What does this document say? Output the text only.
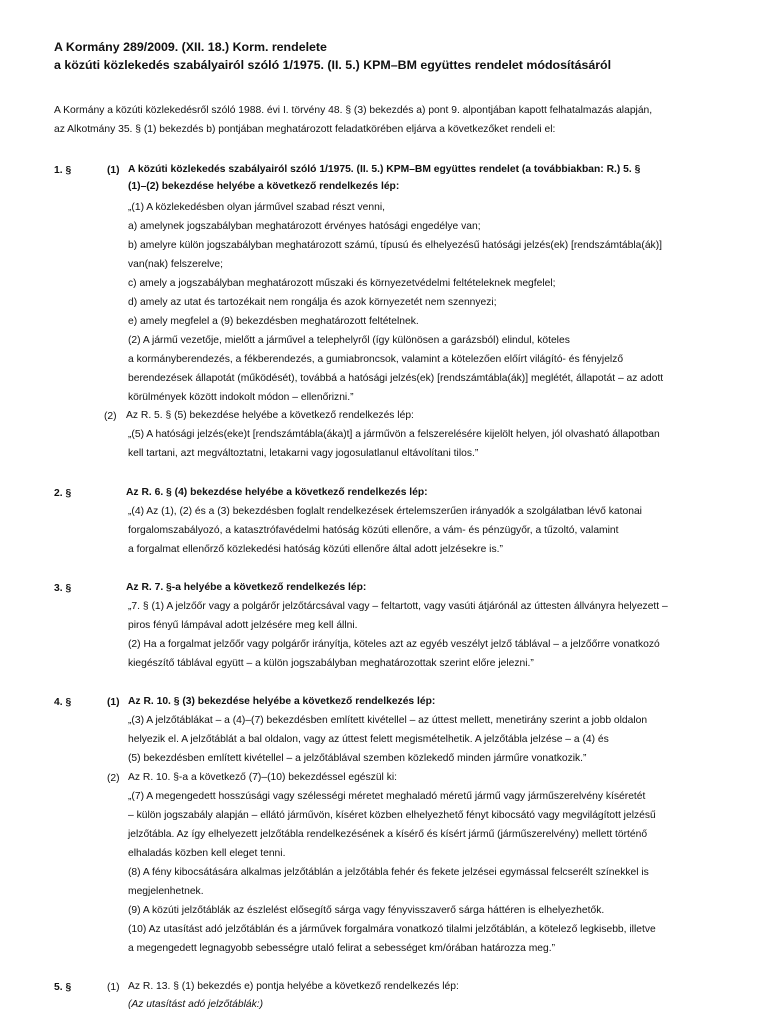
A Kormány 289/2009. (XII. 18.) Korm. rendelete
a közúti közlekedés szabályairól szóló 1/1975. (II. 5.) KPM–BM együttes rendelet módosításáról
A Kormány a közúti közlekedésről szóló 1988. évi I. törvény 48. § (3) bekezdés a) pont 9. alpontjában kapott felhatalmazás alapján,
az Alkotmány 35. § (1) bekezdés b) pontjában meghatározott feladatkörében eljárva a következőket rendeli el:
1. §	(1) A közúti közlekedés szabályairól szóló 1/1975. (II. 5.) KPM–BM együttes rendelet (a továbbiakban: R.) 5. §
(1)–(2) bekezdése helyébe a következő rendelkezés lép:
„(1) A közlekedésben olyan járművel szabad részt venni,
a) amelynek jogszabályban meghatározott érvényes hatósági engedélye van;
b) amelyre külön jogszabályban meghatározott számú, típusú és elhelyezésű hatósági jelzés(ek) [rendszámtábla(ák)]
van(nak) felszerelve;
c) amely a jogszabályban meghatározott műszaki és környezetvédelmi feltételeknek megfelel;
d) amely az utat és tartozékait nem rongálja és azok környezetét nem szennyezi;
e) amely megfelel a (9) bekezdésben meghatározott feltételnek.
(2) A jármű vezetője, mielőtt a járművel a telephelyről (így különösen a garázsból) elindul, köteles
a kormányberendezés, a fékberendezés, a gumiabroncsok, valamint a kötelezően előírt világító- és fényjelző
berendezések állapotát (működését), továbbá a hatósági jelzés(ek) [rendszámtábla(ák)] meglétét, állapotát – az adott
körülmények között indokolt módon – ellenőrizni.”
(2) Az R. 5. § (5) bekezdése helyébe a következő rendelkezés lép:
„(5) A hatósági jelzés(eke)t [rendszámtábla(áka)t] a járművön a felszerelésére kijelölt helyen, jól olvasható állapotban
kell tartani, azt megváltoztatni, letakarni vagy jogosulatlanul eltávolítani tilos.”
2. §	Az R. 6. § (4) bekezdése helyébe a következő rendelkezés lép:
„(4) Az (1), (2) és a (3) bekezdésben foglalt rendelkezések értelemszerűen irányadók a szolgálatban lévő katonai
forgalomszabályozó, a katasztrófavédelmi hatóság közúti ellenőre, a vám- és pénzügyőr, a tűzoltó, valamint
a forgalmat ellenőrző közlekedési hatóság közúti ellenőre által adott jelzésekre is.”
3. §	Az R. 7. §-a helyébe a következő rendelkezés lép:
„7. § (1) A jelzőőr vagy a polgárőr jelzőtárcsával vagy – feltartott, vagy vasúti átjárónál az úttesten állványra helyezett –
piros fényű lámpával adott jelzésére meg kell állni.
(2) Ha a forgalmat jelzőőr vagy polgárőr irányítja, köteles azt az egyéb veszélyt jelző táblával – a jelzőőrre vonatkozó
kiegészítő táblával együtt – a külön jogszabályban meghatározottak szerint előre jelezni.”
4. §	(1) Az R. 10. § (3) bekezdése helyébe a következő rendelkezés lép:
„(3) A jelzőtáblákat – a (4)–(7) bekezdésben említett kivétellel – az úttest mellett, menetirány szerint a jobb oldalon
helyezik el. A jelzőtáblát a bal oldalon, vagy az úttest felett megismételhetik. A jelzőtábla jelzése – a (4) és
(5) bekezdésben említett kivétellel – a jelzőtáblával szemben közlekedő minden járműre vonatkozik.”
(2) Az R. 10. §-a a következő (7)–(10) bekezdéssel egészül ki:
„(7) A megengedett hosszúsági vagy szélességi méretet meghaladó méretű jármű vagy járműszerelvény kíséretét
– külön jogszabály alapján – ellátó járművön, kíséret közben elhelyezhető fényt kibocsátó vagy megvilágított jelzésű
jelzőtábla. Az így elhelyezett jelzőtábla rendelkezésének a kísérő és kísért jármű (járműszerelvény) mellett történő
elhaladás közben kell eleget tenni.
(8) A fény kibocsátására alkalmas jelzőtáblán a jelzőtábla fehér és fekete jelzései egymással felcserélt színekkel is
megjelenhetnek.
(9) A közúti jelzőtáblák az észlelést elősegítő sárga vagy fényvisszaverő sárga háttéren is elhelyezhetők.
(10) Az utasítást adó jelzőtáblán és a járművek forgalmára vonatkozó tilalmi jelzőtáblán, a kötelező legkisebb, illetve
a megengedett legnagyobb sebességre utaló felirat a sebességet km/órában határozza meg.”
5. §	(1) Az R. 13. § (1) bekezdés e) pontja helyébe a következő rendelkezés lép:
(Az utasítást adó jelzőtáblák:)
